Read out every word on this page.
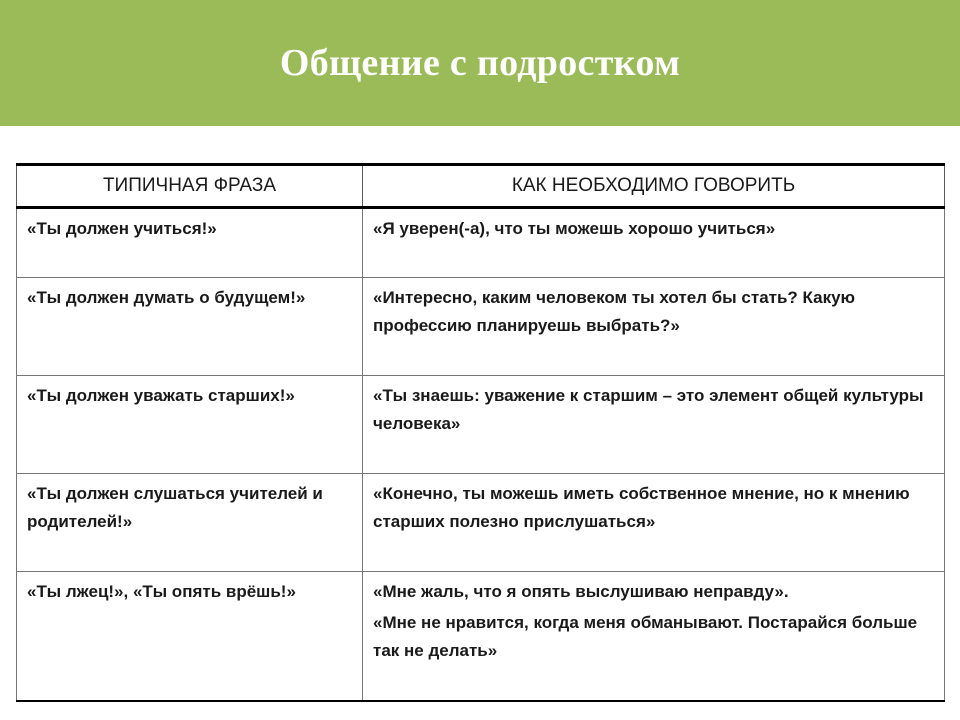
Общение с подростком
ТИПИЧНАЯ ФРАЗА	КАК НЕОБХОДИМО ГОВОРИТЬ
«Ты должен учиться!»	«Я уверен(-а), что ты можешь хорошо учиться»

«Ты должен думать о будущем!»	«Интересно, каким человеком ты хотел бы стать? Какую профессию планируешь выбрать?»

«Ты должен уважать старших!»	«Ты знаешь: уважение к старшим – это элемент общей культуры человека»

«Ты должен слушаться учителей и родителей!»	«Конечно, ты можешь иметь собственное мнение, но к мнению старших полезно прислушаться»

«Ты лжец!», «Ты опять врёшь!»	«Мне жаль, что я опять выслушиваю неправду».
«Мне не нравится, когда меня обманывают. Постарайся больше так не делать»
